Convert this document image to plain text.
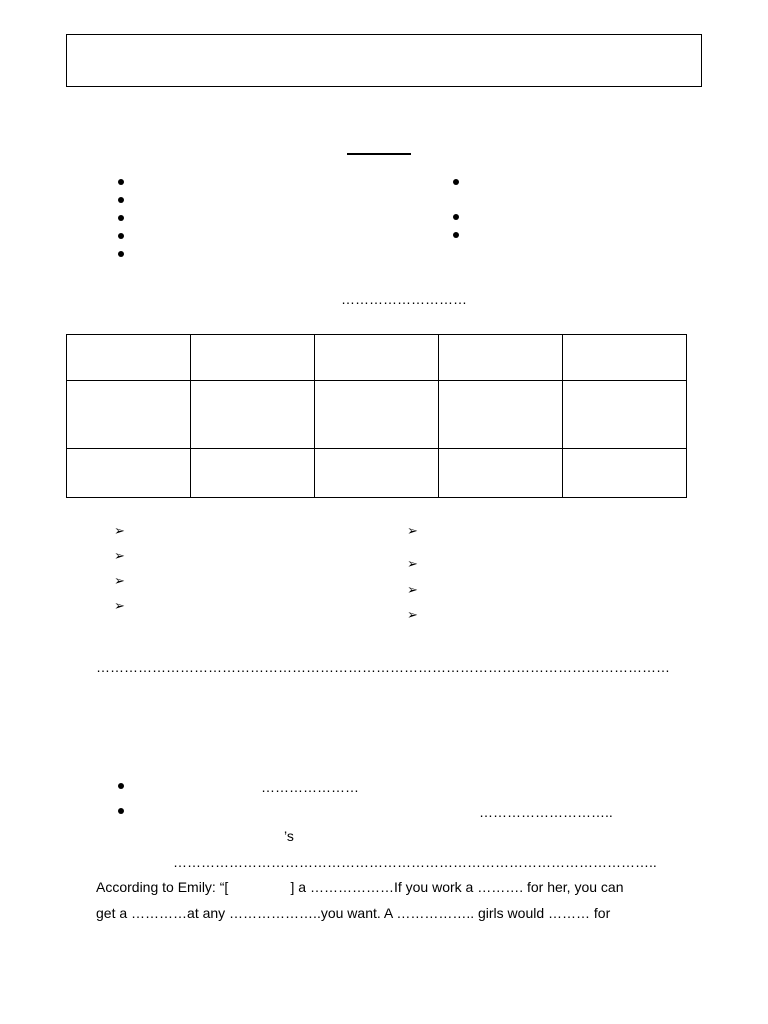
………………………

➢
➢
➢
➢
➢
➢
➢
➢
……………………………………………………………………………………………………………
…………………
………………………..
’s
…………………………………………………………………………………………..
According to Emily: “[                ] a ………………If you work a ………. for her, you can
get a …………at any ………………..you want. A …………….. girls would ……… for
